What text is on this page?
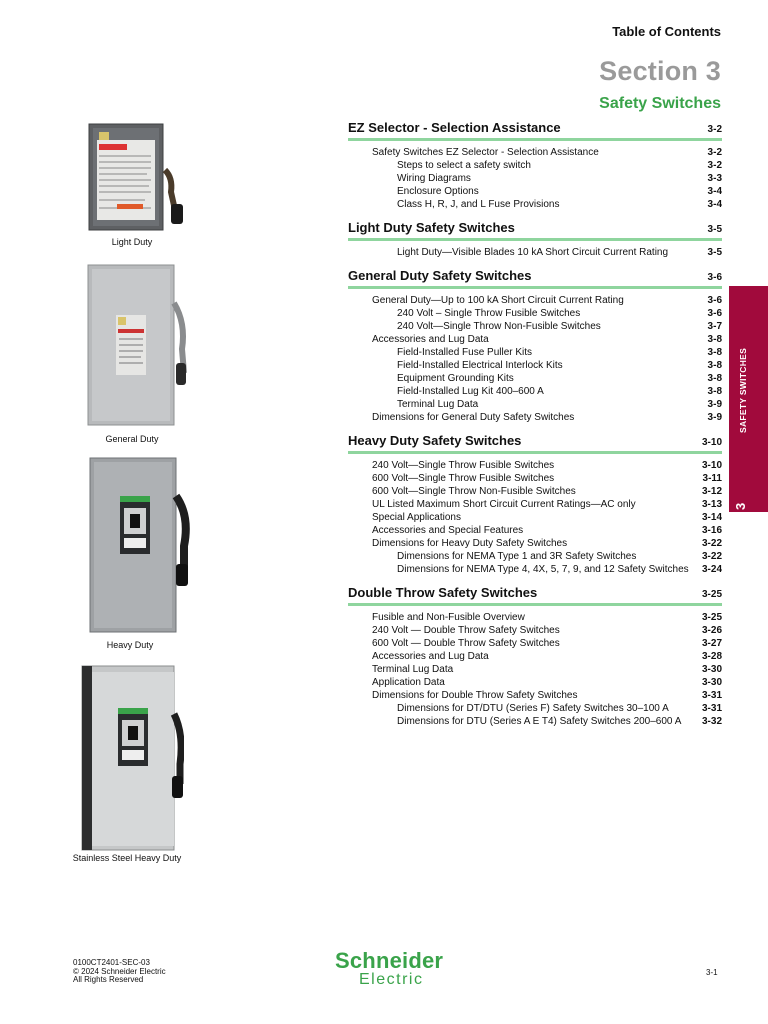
Table of Contents
Section 3
Safety Switches
Light Duty
General Duty
Heavy Duty
Stainless Steel Heavy Duty
EZ Selector - Selection Assistance	3-2
Safety Switches EZ Selector - Selection Assistance	3-2
Steps to select a safety switch	3-2
Wiring Diagrams	3-3
Enclosure Options	3-4
Class H, R, J, and L Fuse Provisions	3-4
Light Duty Safety Switches	3-5
Light Duty—Visible Blades 10 kA Short Circuit Current Rating	3-5
General Duty Safety Switches	3-6
General Duty—Up to 100 kA Short Circuit Current Rating	3-6
240 Volt – Single Throw Fusible Switches	3-6
240 Volt—Single Throw Non-Fusible Switches	3-7
Accessories and Lug Data	3-8
Field-Installed Fuse Puller Kits	3-8
Field-Installed Electrical Interlock Kits	3-8
Equipment Grounding Kits	3-8
Field-Installed Lug Kit 400–600 A	3-8
Terminal Lug Data	3-9
Dimensions for General Duty Safety Switches	3-9
Heavy Duty Safety Switches	3-10
240 Volt—Single Throw Fusible Switches	3-10
600 Volt—Single Throw Fusible Switches	3-11
600 Volt—Single Throw Non-Fusible Switches	3-12
UL Listed Maximum Short Circuit Current Ratings—AC only	3-13
Special Applications	3-14
Accessories and Special Features	3-16
Dimensions for Heavy Duty Safety Switches	3-22
Dimensions for NEMA Type 1 and 3R Safety Switches	3-22
Dimensions for NEMA Type 4, 4X, 5, 7, 9, and 12 Safety Switches 3-24
Double Throw Safety Switches	3-25
Fusible and Non-Fusible Overview	3-25
240 Volt — Double Throw Safety Switches	3-26
600 Volt — Double Throw Safety Switches	3-27
Accessories and Lug Data	3-28
Terminal Lug Data	3-30
Application Data	3-30
Dimensions for Double Throw Safety Switches	3-31
Dimensions for DT/DTU (Series F) Safety Switches 30–100 A	3-31
Dimensions for DTU (Series A E T4) Safety Switches 200–600 A 3-32
SAFETY SWITCHES
3
0100CT2401-SEC-03
© 2024 Schneider Electric
All Rights Reserved
Schneider
Electric	3-1
